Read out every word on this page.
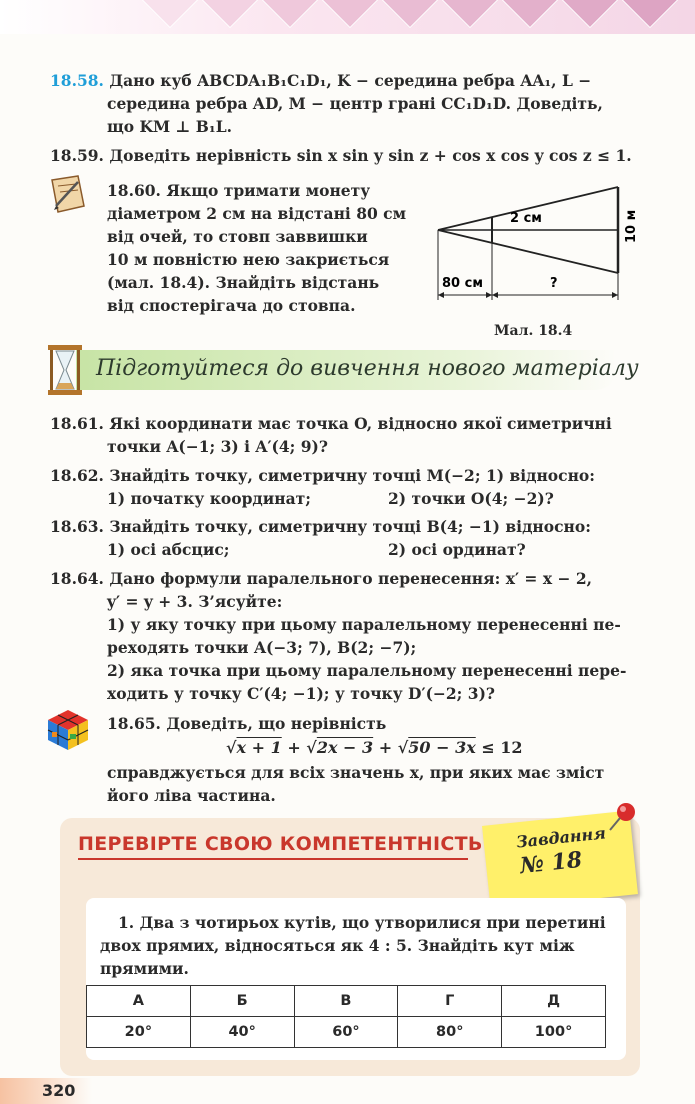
18.58. Дано куб ABCDA₁B₁C₁D₁, K − середина ребра AA₁, L −
середина ребра AD, M − центр грані CC₁D₁D. Доведіть,
що KM ⊥ B₁L.
18.59. Доведіть нерівність sin x sin y sin z + cos x cos y cos z ≤ 1.
18.60. Якщо тримати монету
діаметром 2 см на відстані 80 см
від очей, то стовп заввишки
10 м повністю нею закриється
(мал. 18.4). Знайдіть відстань
від спостерігача до стовпа.
2 см	10 м
80 см	?
Мал. 18.4
Підготуйтеся до вивчення нового матеріалу
18.61. Які координати має точка O, відносно якої симетричні
точки A(−1; 3) і A′(4; 9)?
18.62. Знайдіть точку, симетричну точці M(−2; 1) відносно:
1) початку координат;	2) точки O(4; −2)?
18.63. Знайдіть точку, симетричну точці B(4; −1) відносно:
1) осі абсцис;	2) осі ординат?
18.64. Дано формули паралельного перенесення: x′ = x − 2,
y′ = y + 3. З’ясуйте:
1) у яку точку при цьому паралельному перенесенні пе-
реходять точки A(−3; 7), B(2; −7);
2) яка точка при цьому паралельному перенесенні пере-
ходить у точку C′(4; −1); у точку D′(−2; 3)?
18.65. Доведіть, що нерівність
√x + 1 + √2x − 3 + √50 − 3x ≤ 12
справджується для всіх значень x, при яких має зміст
його ліва частина.
ПЕРЕВІРТЕ СВОЮ КОМПЕТЕНТНІСТЬ Завдання
№ 18
1. Два з чотирьох кутів, що утворилися при перетині
двох прямих, відносяться як 4 : 5. Знайдіть кут між
прямими.
А	Б	В	Г	Д
20°	40°	60°	80°	100°
320
